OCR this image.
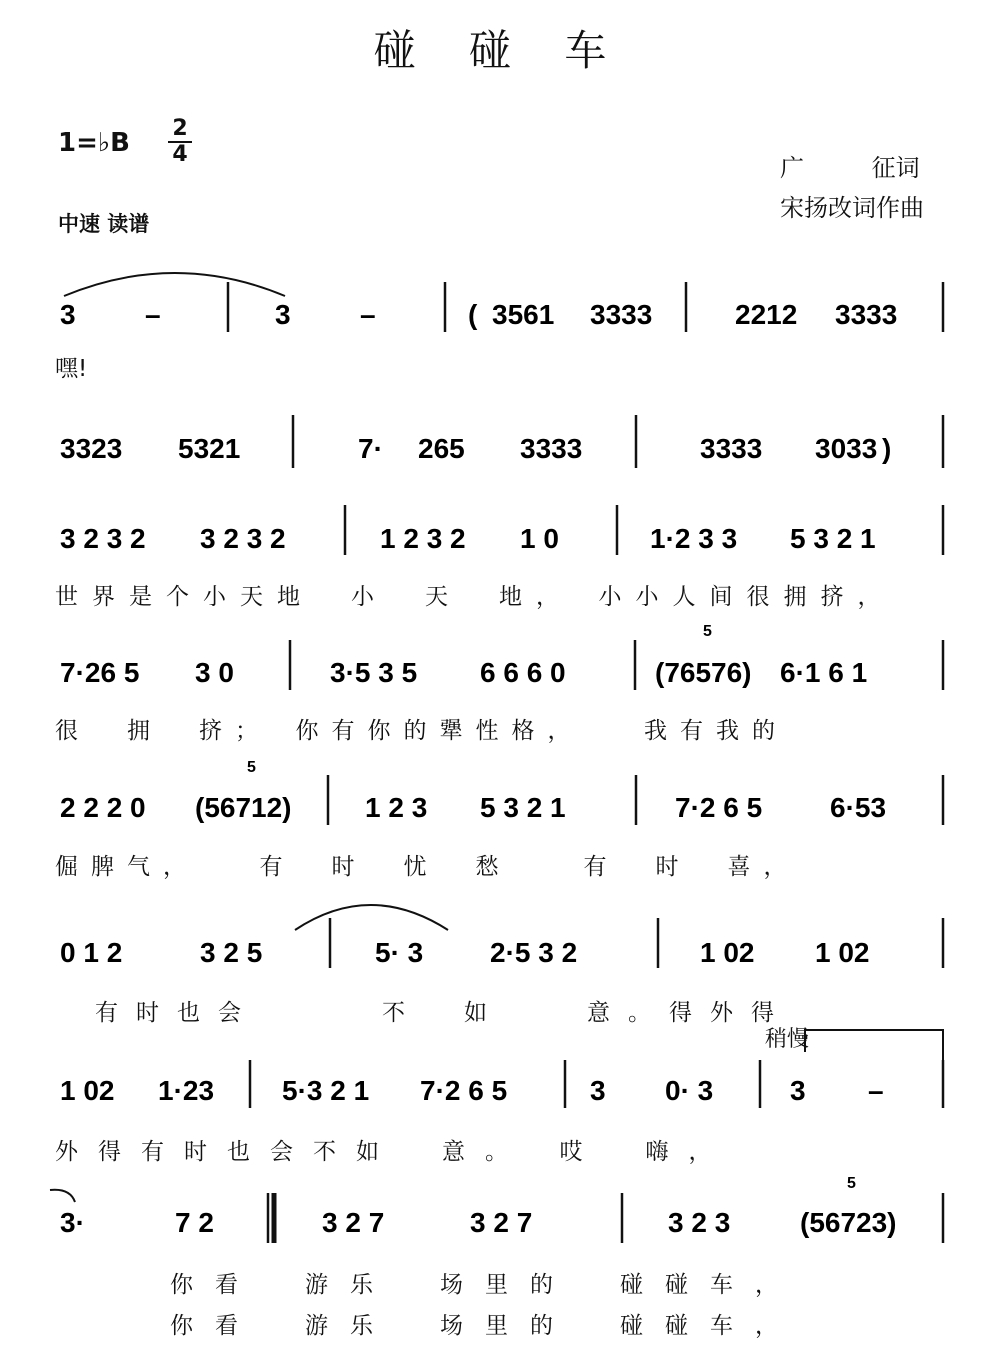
碰 碰 车
1=♭B 2
4
中速 读谱
广 征词
宋扬改词作曲
3 –	3 –	( 3561 3333	2212 3333
3323 5321	7· 265 3333	3333 3033 )
3 2 3 2 3 2 3 2	1 2 3 2 1 0	1·2 3 3 5 3 2 1
7·26 5 3 0	3·5 3 5 6 6 6 0	(76576) 6·1 6 1
2 2 2 0 (56712)	1 2 3 5 3 2 1	7·2 6 5 6·53
0 1 2	3 2 5	5· 3 2·5 3 2	1 02 1 02
1 02 1·23 5·3 2 1 7·2 6 5	3 0· 3	3 –
3·	7 2	3 2 7	3 2 7	3 2 3 (56723)
5
5
5
嘿!
世界是个小天地　小　天　地，　小小人间很拥挤，
很　拥　挤；　你有你的犟性格，　　我有我的
倔脾气，　　有　时　忧　愁　　有　时　喜，
有时也会　　　不　如　　意。得外得
稍慢
外得有时也会不如　意。　哎　嗨，
你看　游乐　场里的　碰碰车，
你看　游乐　场里的　碰碰车，
